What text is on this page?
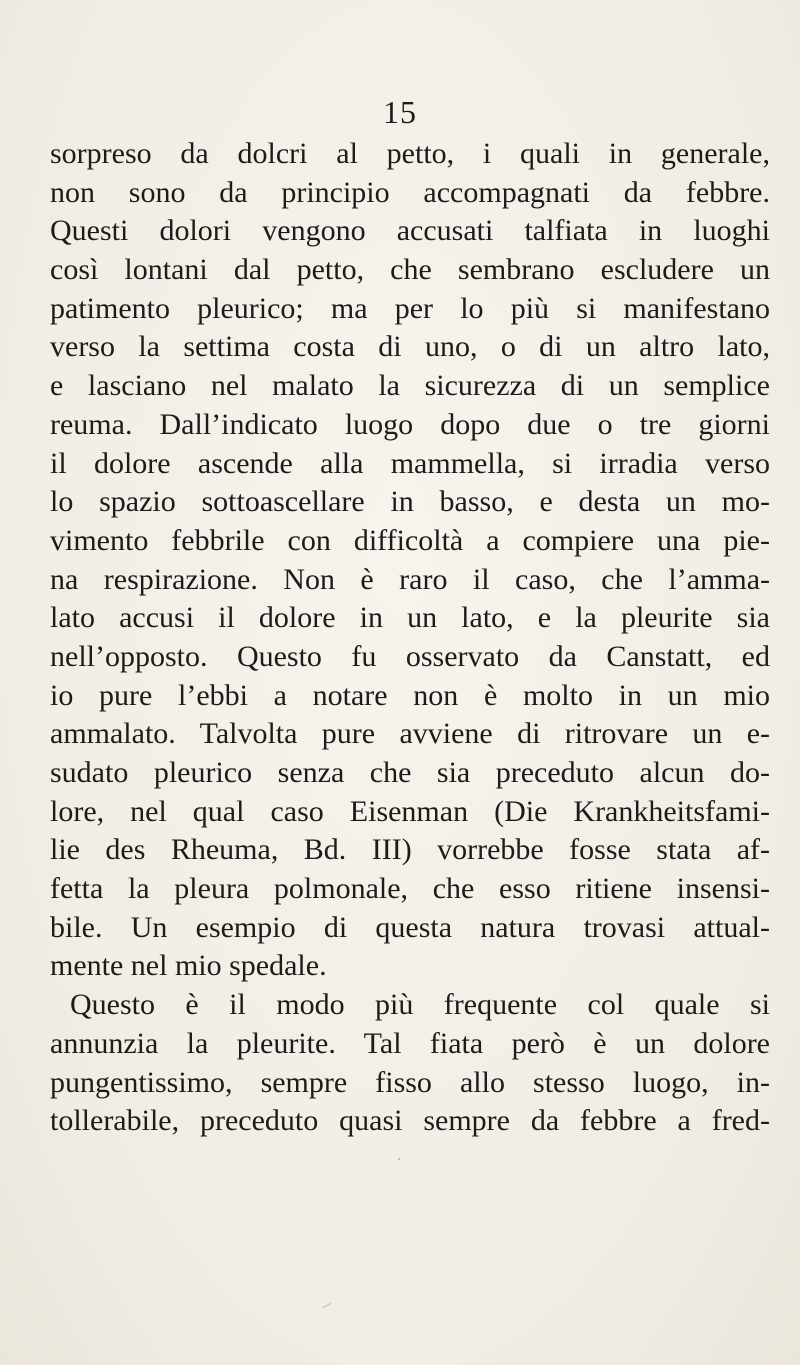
15
sorpreso da dolcri al petto, i quali in generale,
non sono da principio accompagnati da febbre.
Questi dolori vengono accusati talfiata in luoghi
così lontani dal petto, che sembrano escludere un
patimento pleurico; ma per lo più si manifestano
verso la settima costa di uno, o di un altro lato,
e lasciano nel malato la sicurezza di un semplice
reuma. Dall’indicato luogo dopo due o tre giorni
il dolore ascende alla mammella, si irradia verso
lo spazio sottoascellare in basso, e desta un mo-
vimento febbrile con difficoltà a compiere una pie-
na respirazione. Non è raro il caso, che l’amma-
lato accusi il dolore in un lato, e la pleurite sia
nell’opposto. Questo fu osservato da Canstatt, ed
io pure l’ebbi a notare non è molto in un mio
ammalato. Talvolta pure avviene di ritrovare un e-
sudato pleurico senza che sia preceduto alcun do-
lore, nel qual caso Eisenman (Die Krankheitsfami-
lie des Rheuma, Bd. III) vorrebbe fosse stata af-
fetta la pleura polmonale, che esso ritiene insensi-
bile. Un esempio di questa natura trovasi attual-
mente nel mio spedale.
Questo è il modo più frequente col quale si
annunzia la pleurite. Tal fiata però è un dolore
pungentissimo, sempre fisso allo stesso luogo, in-
tollerabile, preceduto quasi sempre da febbre a fred-
